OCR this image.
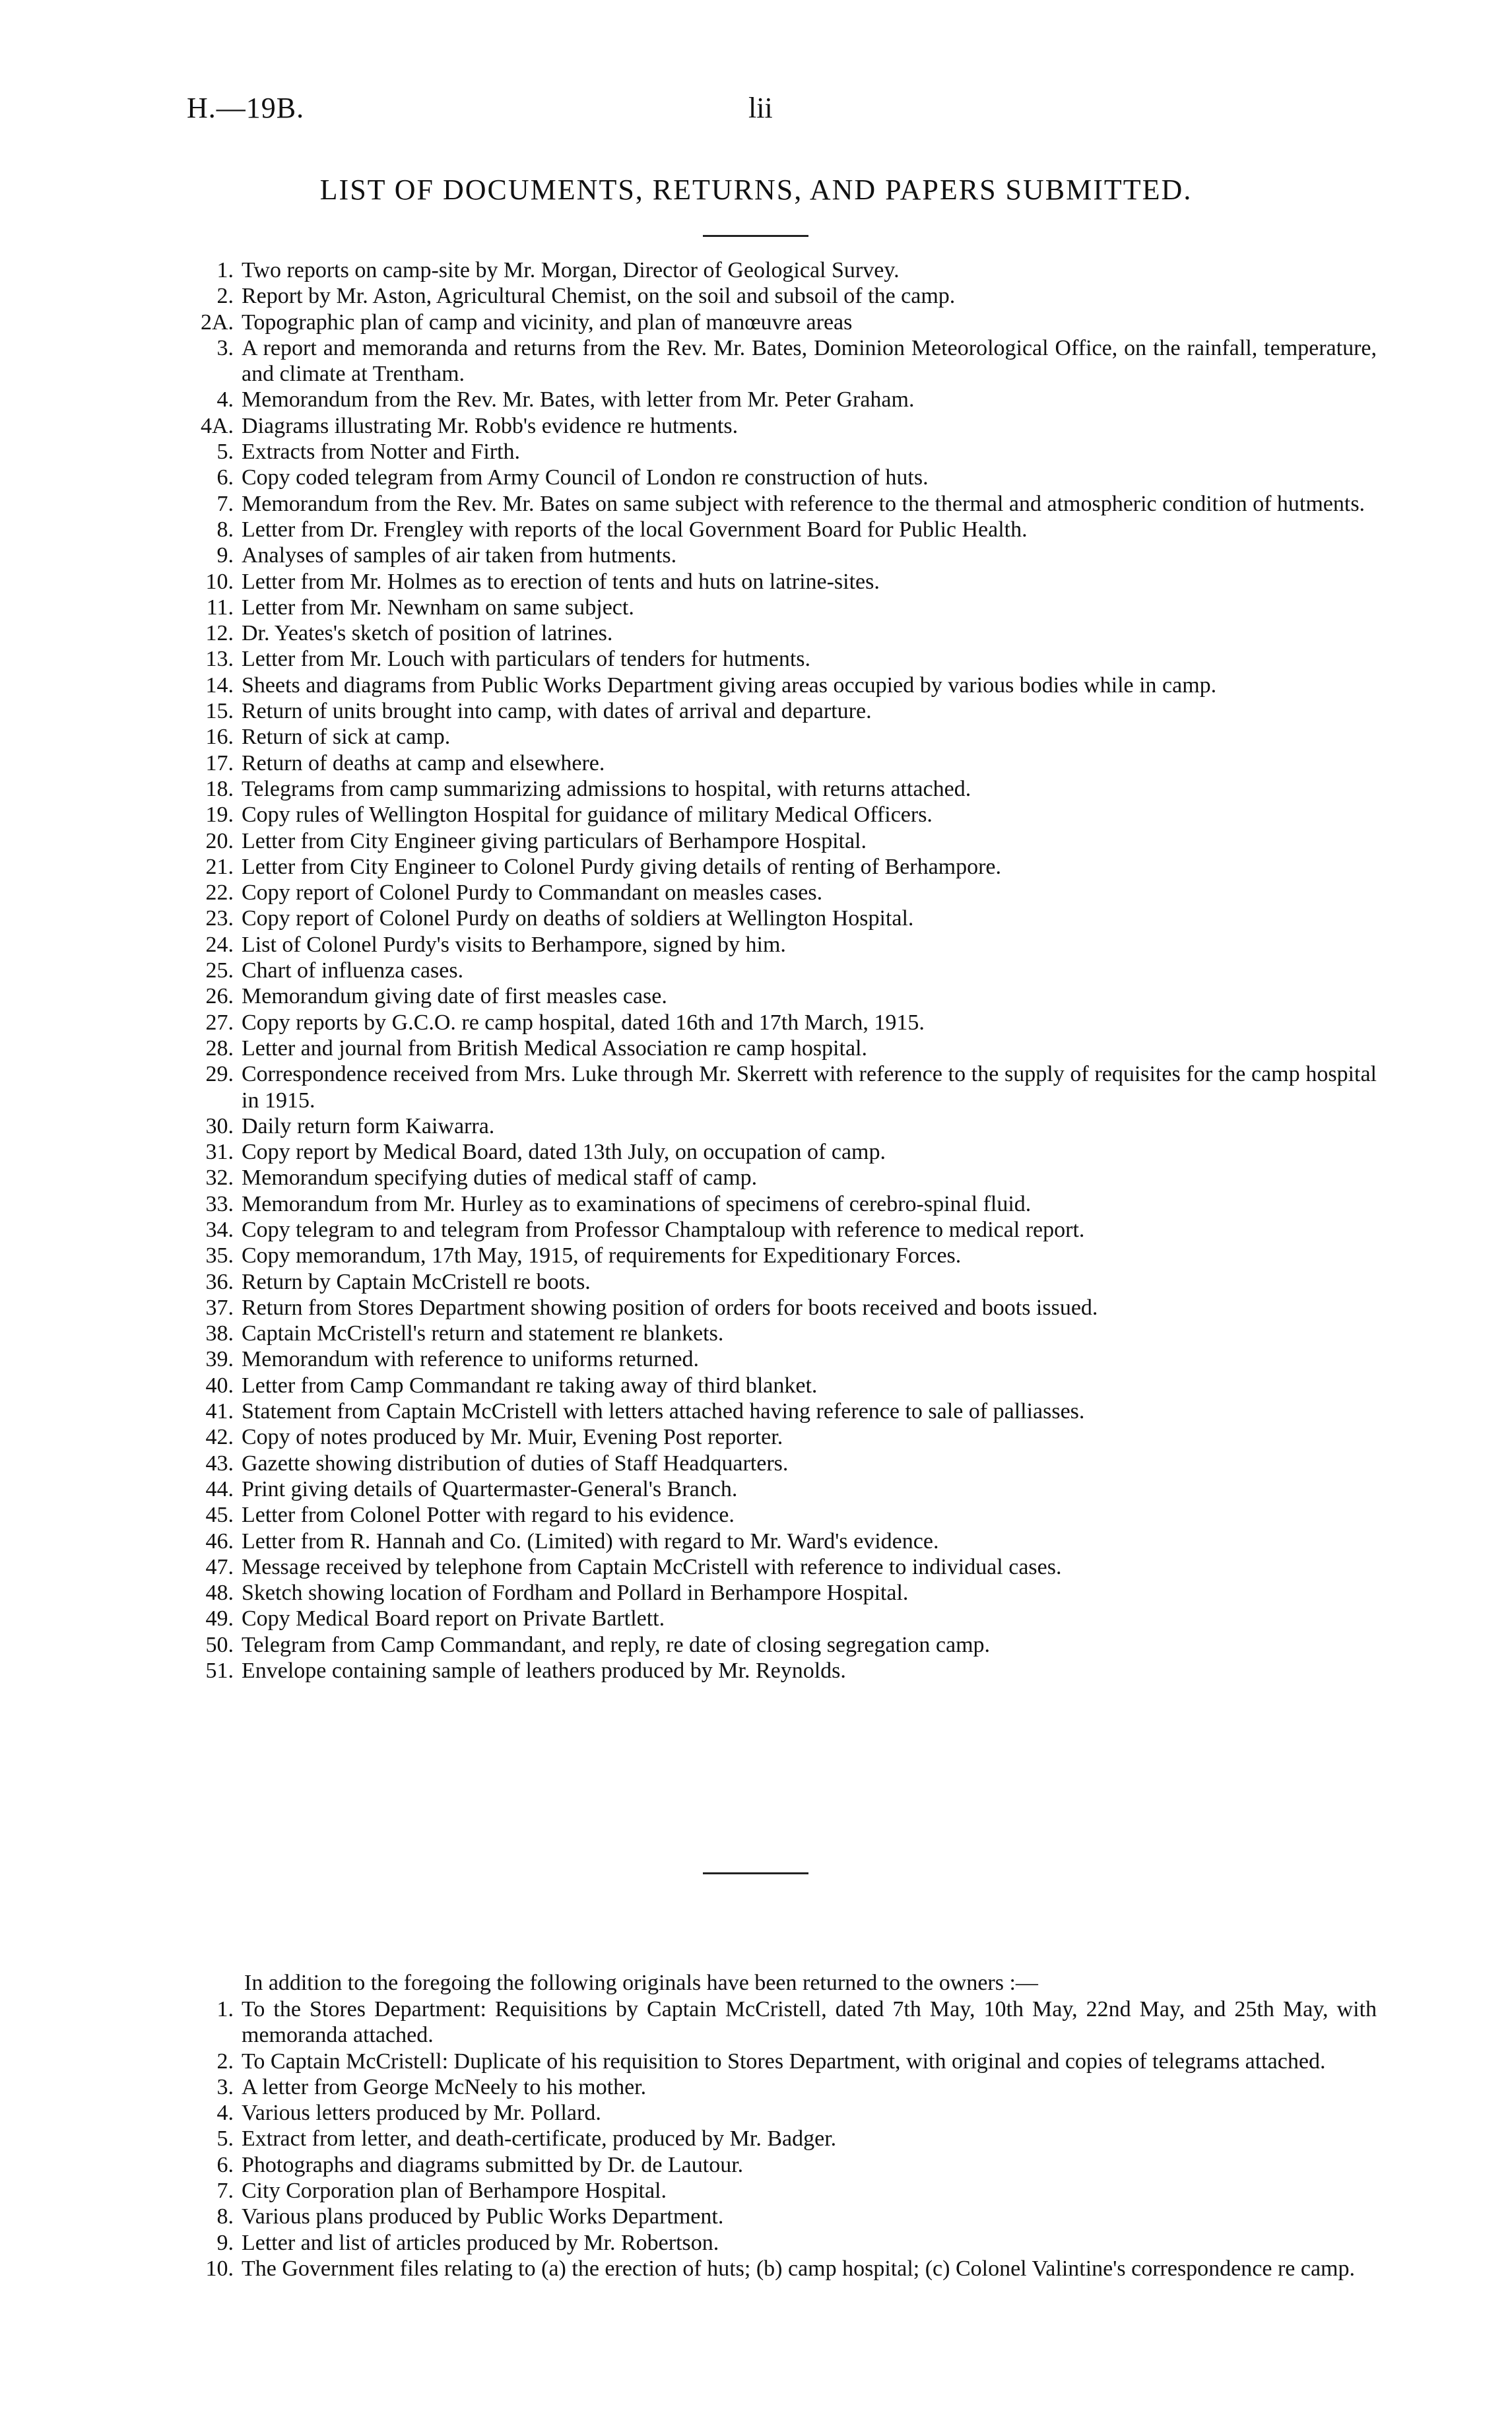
H.—19B.	lii
LIST OF DOCUMENTS, RETURNS, AND PAPERS SUBMITTED.
1. Two reports on camp-site by Mr. Morgan, Director of Geological Survey.
2. Report by Mr. Aston, Agricultural Chemist, on the soil and subsoil of the camp.
2A. Topographic plan of camp and vicinity, and plan of manœuvre areas
3. A report and memoranda and returns from the Rev. Mr. Bates, Dominion Meteorological Office, on the rainfall, temperature, and climate at Trentham.
4. Memorandum from the Rev. Mr. Bates, with letter from Mr. Peter Graham.
4A. Diagrams illustrating Mr. Robb's evidence re hutments.
5. Extracts from Notter and Firth.
6. Copy coded telegram from Army Council of London re construction of huts.
7. Memorandum from the Rev. Mr. Bates on same subject with reference to the thermal and atmospheric condition of hutments.
8. Letter from Dr. Frengley with reports of the local Government Board for Public Health.
9. Analyses of samples of air taken from hutments.
10. Letter from Mr. Holmes as to erection of tents and huts on latrine-sites.
11. Letter from Mr. Newnham on same subject.
12. Dr. Yeates's sketch of position of latrines.
13. Letter from Mr. Louch with particulars of tenders for hutments.
14. Sheets and diagrams from Public Works Department giving areas occupied by various bodies while in camp.
15. Return of units brought into camp, with dates of arrival and departure.
16. Return of sick at camp.
17. Return of deaths at camp and elsewhere.
18. Telegrams from camp summarizing admissions to hospital, with returns attached.
19. Copy rules of Wellington Hospital for guidance of military Medical Officers.
20. Letter from City Engineer giving particulars of Berhampore Hospital.
21. Letter from City Engineer to Colonel Purdy giving details of renting of Berhampore.
22. Copy report of Colonel Purdy to Commandant on measles cases.
23. Copy report of Colonel Purdy on deaths of soldiers at Wellington Hospital.
24. List of Colonel Purdy's visits to Berhampore, signed by him.
25. Chart of influenza cases.
26. Memorandum giving date of first measles case.
27. Copy reports by G.C.O. re camp hospital, dated 16th and 17th March, 1915.
28. Letter and journal from British Medical Association re camp hospital.
29. Correspondence received from Mrs. Luke through Mr. Skerrett with reference to the supply of requisites for the camp hospital in 1915.
30. Daily return form Kaiwarra.
31. Copy report by Medical Board, dated 13th July, on occupation of camp.
32. Memorandum specifying duties of medical staff of camp.
33. Memorandum from Mr. Hurley as to examinations of specimens of cerebro-spinal fluid.
34. Copy telegram to and telegram from Professor Champtaloup with reference to medical report.
35. Copy memorandum, 17th May, 1915, of requirements for Expeditionary Forces.
36. Return by Captain McCristell re boots.
37. Return from Stores Department showing position of orders for boots received and boots issued.
38. Captain McCristell's return and statement re blankets.
39. Memorandum with reference to uniforms returned.
40. Letter from Camp Commandant re taking away of third blanket.
41. Statement from Captain McCristell with letters attached having reference to sale of palliasses.
42. Copy of notes produced by Mr. Muir, Evening Post reporter.
43. Gazette showing distribution of duties of Staff Headquarters.
44. Print giving details of Quartermaster-General's Branch.
45. Letter from Colonel Potter with regard to his evidence.
46. Letter from R. Hannah and Co. (Limited) with regard to Mr. Ward's evidence.
47. Message received by telephone from Captain McCristell with reference to individual cases.
48. Sketch showing location of Fordham and Pollard in Berhampore Hospital.
49. Copy Medical Board report on Private Bartlett.
50. Telegram from Camp Commandant, and reply, re date of closing segregation camp.
51. Envelope containing sample of leathers produced by Mr. Reynolds.
In addition to the foregoing the following originals have been returned to the owners :—
1. To the Stores Department: Requisitions by Captain McCristell, dated 7th May, 10th May, 22nd May, and 25th May, with memoranda attached.
2. To Captain McCristell: Duplicate of his requisition to Stores Department, with original and copies of telegrams attached.
3. A letter from George McNeely to his mother.
4. Various letters produced by Mr. Pollard.
5. Extract from letter, and death-certificate, produced by Mr. Badger.
6. Photographs and diagrams submitted by Dr. de Lautour.
7. City Corporation plan of Berhampore Hospital.
8. Various plans produced by Public Works Department.
9. Letter and list of articles produced by Mr. Robertson.
10. The Government files relating to (a) the erection of huts; (b) camp hospital; (c) Colonel Valintine's correspondence re camp.
